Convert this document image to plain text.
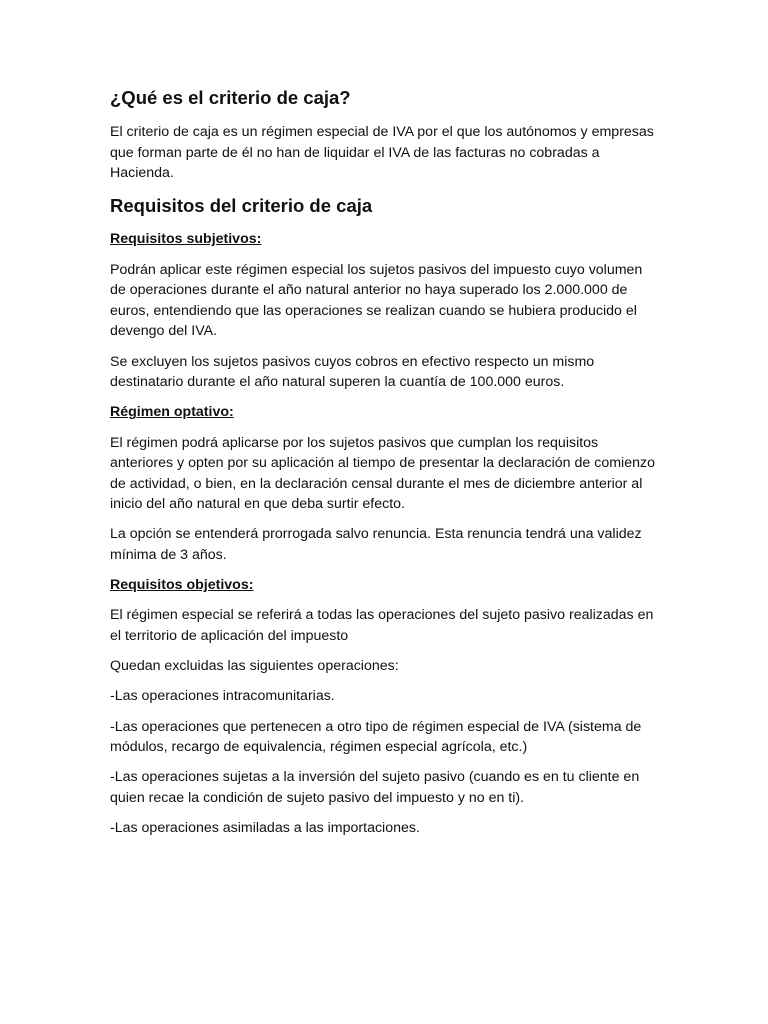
¿Qué es el criterio de caja?

El criterio de caja es un régimen especial de IVA por el que los autónomos y empresas que forman parte de él no han de liquidar el IVA de las facturas no cobradas a Hacienda.

Requisitos del criterio de caja

Requisitos subjetivos:

Podrán aplicar este régimen especial los sujetos pasivos del impuesto cuyo volumen de operaciones durante el año natural anterior no haya superado los 2.000.000 de euros, entendiendo que las operaciones se realizan cuando se hubiera producido el devengo del IVA.

Se excluyen los sujetos pasivos cuyos cobros en efectivo respecto un mismo destinatario durante el año natural superen la cuantía de 100.000 euros.

Régimen optativo:

El régimen podrá aplicarse por los sujetos pasivos que cumplan los requisitos anteriores y opten por su aplicación al tiempo de presentar la declaración de comienzo de actividad, o bien, en la declaración censal durante el mes de diciembre anterior al inicio del año natural en que deba surtir efecto.

La opción se entenderá prorrogada salvo renuncia. Esta renuncia tendrá una validez mínima de 3 años.

Requisitos objetivos:

El régimen especial se referirá a todas las operaciones del sujeto pasivo realizadas en el territorio de aplicación del impuesto

Quedan excluidas las siguientes operaciones:

-Las operaciones intracomunitarias.

-Las operaciones que pertenecen a otro tipo de régimen especial de IVA (sistema de módulos, recargo de equivalencia, régimen especial agrícola, etc.)

-Las operaciones sujetas a la inversión del sujeto pasivo (cuando es en tu cliente en quien recae la condición de sujeto pasivo del impuesto y no en ti).

-Las operaciones asimiladas a las importaciones.
